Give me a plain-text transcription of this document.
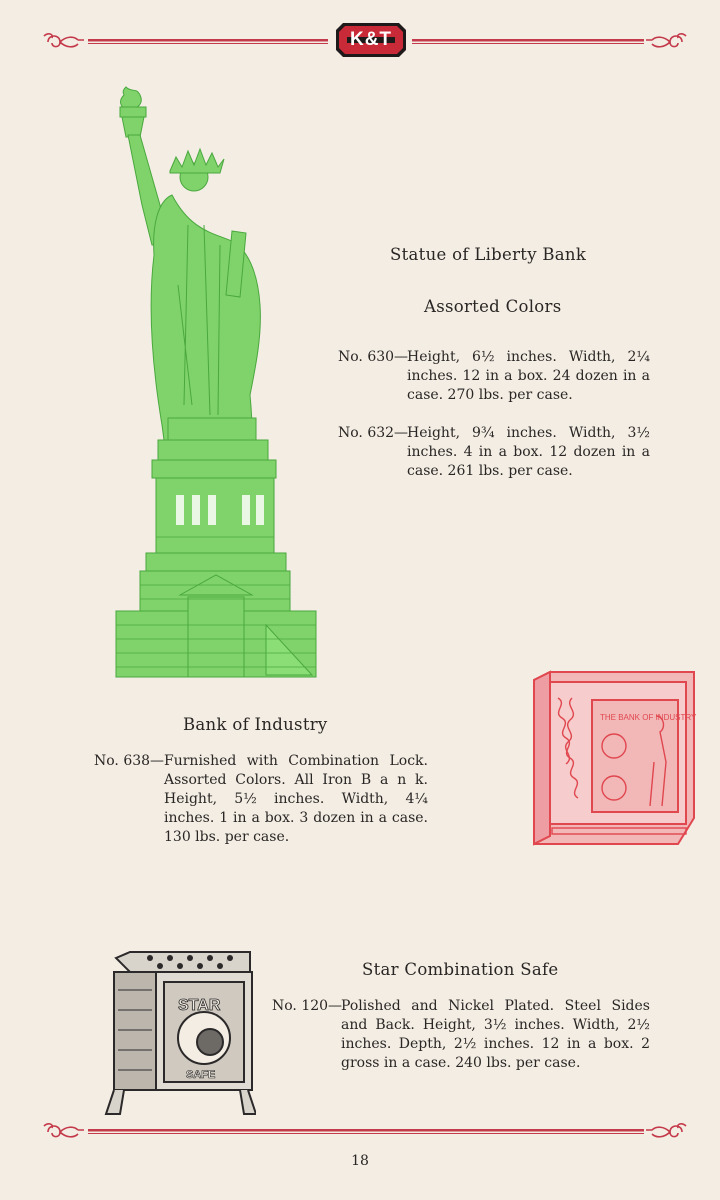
K&T
Statue of Liberty Bank
Assorted Colors
No. 630—
Height, 6½ inches. Width, 2¼ inches. 12 in a box. 24 dozen in a case. 270 lbs. per case.
No. 632—
Height, 9¾ inches. Width, 3½ inches. 4 in a box. 12 dozen in a case. 261 lbs. per case.
Bank of Industry
No. 638— Furnished with Combination Lock. Assorted Colors. All Iron B a n k. Height, 5½ inches. Width, 4¼ inches. 1 in a box. 3 dozen in a case. 130 lbs. per case.
THE BANK OF INDUSTRY
STAR
SAFE
Star Combination Safe
No. 120—
Polished and Nickel Plated. Steel Sides and Back. Height, 3½ inches. Width, 2½ inches. Depth, 2½ inches. 12 in a box. 2 gross in a case. 240 lbs. per case.
18
